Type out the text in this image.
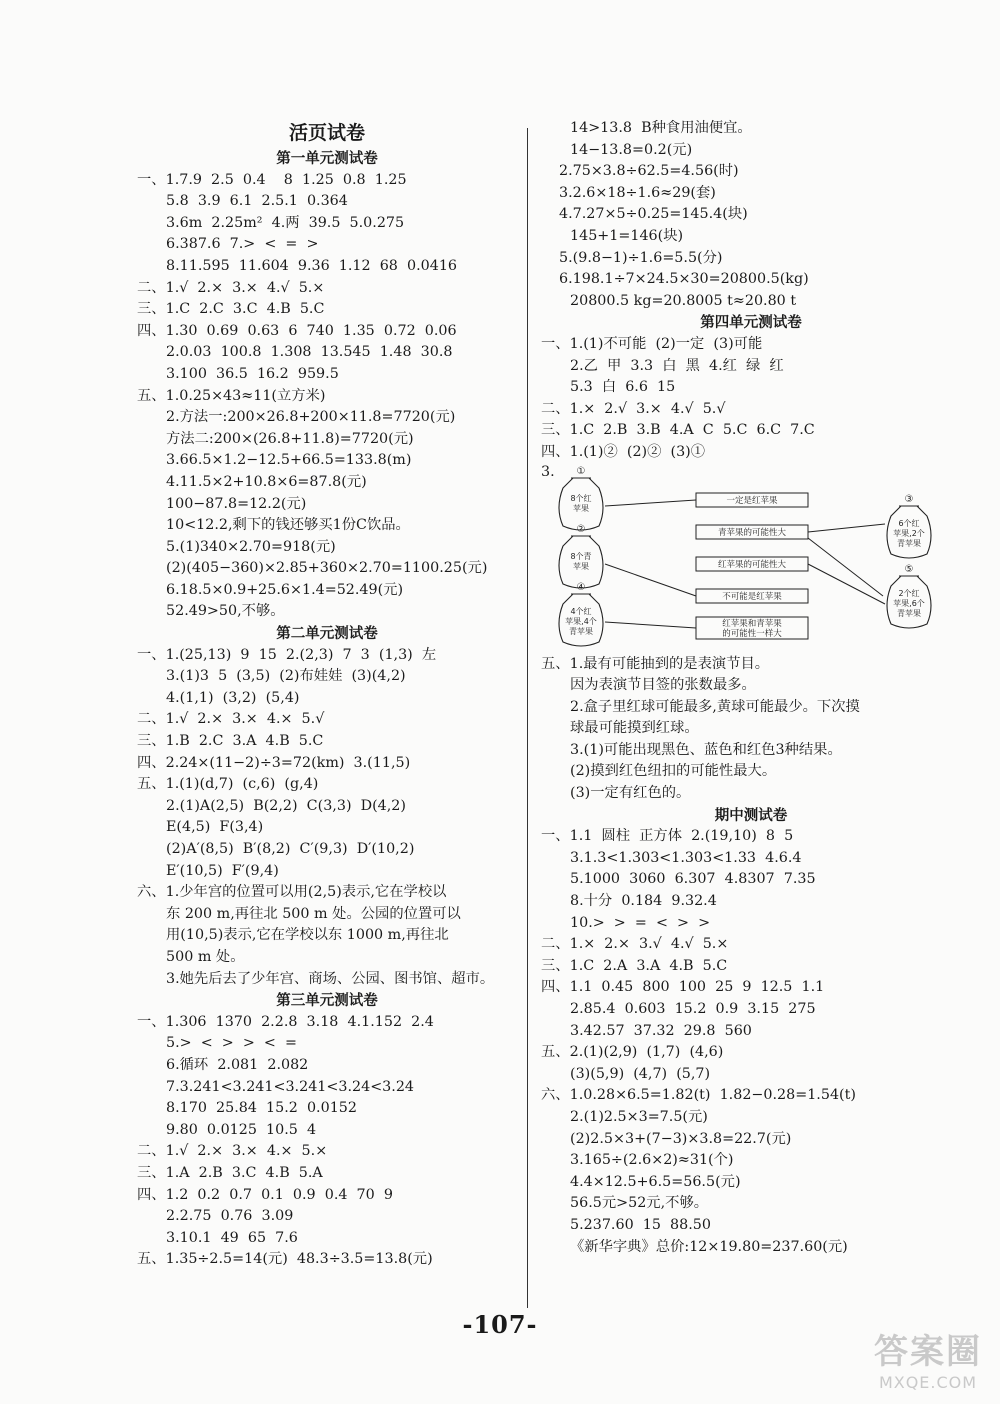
活页试卷
第一单元测试卷
一、1.7.9  2.5  0.4    8  1.25  0.8  1.25
5.8  3.9  6.1  2.5.1  0.364
3.6m  2.25m²  4.两  39.5  5.0.275
6.387.6  7.>  <  =  >
8.11.595  11.604  9.36  1.12  68  0.0416
二、1.√  2.×  3.×  4.√  5.×
三、1.C  2.C  3.C  4.B  5.C
四、1.30  0.69  0.63  6  740  1.35  0.72  0.06
2.0.03  100.8  1.308  13.545  1.48  30.8
3.100  36.5  16.2  959.5
五、1.0.25×43≈11(立方米)
2.方法一:200×26.8+200×11.8=7720(元)
方法二:200×(26.8+11.8)=7720(元)
3.66.5×1.2−12.5+66.5=133.8(m)
4.11.5×2+10.8×6=87.8(元)
100−87.8=12.2(元)
10<12.2,剩下的钱还够买1份C饮品。
5.(1)340×2.70=918(元)
(2)(405−360)×2.85+360×2.70=1100.25(元)
6.18.5×0.9+25.6×1.4=52.49(元)
52.49>50,不够。
第二单元测试卷
一、1.(25,13)  9  15  2.(2,3)  7  3  (1,3)  左
3.(1)3  5  (3,5)  (2)布娃娃  (3)(4,2)
4.(1,1)  (3,2)  (5,4)
二、1.√  2.×  3.×  4.×  5.√
三、1.B  2.C  3.A  4.B  5.C
四、2.24×(11−2)÷3=72(km)  3.(11,5)
五、1.(1)(d,7)  (c,6)  (g,4)
2.(1)A(2,5)  B(2,2)  C(3,3)  D(4,2)
E(4,5)  F(3,4)
(2)A′(8,5)  B′(8,2)  C′(9,3)  D′(10,2)
E′(10,5)  F′(9,4)
六、1.少年宫的位置可以用(2,5)表示,它在学校以
东 200 m,再往北 500 m 处。公园的位置可以
用(10,5)表示,它在学校以东 1000 m,再往北
500 m 处。
3.她先后去了少年宫、商场、公园、图书馆、超市。
第三单元测试卷
一、1.306  1370  2.2.8  3.18  4.1.152  2.4
5.>  <  >  >  <  =
6.循环  2.081  2.082
7.3.241<3.241<3.241<3.24<3.24
8.170  25.84  15.2  0.0152
9.80  0.0125  10.5  4
二、1.√  2.×  3.×  4.×  5.×
三、1.A  2.B  3.C  4.B  5.A
四、1.2  0.2  0.7  0.1  0.9  0.4  70  9
2.2.75  0.76  3.09
3.10.1  49  65  7.6
五、1.35÷2.5=14(元)  48.3÷3.5=13.8(元)
14>13.8  B种食用油便宜。
14−13.8=0.2(元)
2.75×3.8÷62.5=4.56(时)
3.2.6×18÷1.6≈29(套)
4.7.27×5÷0.25=145.4(块)
145+1=146(块)
5.(9.8−1)÷1.6=5.5(分)
6.198.1÷7×24.5×30=20800.5(kg)
20800.5 kg=20.8005 t≈20.80 t
第四单元测试卷
一、1.(1)不可能  (2)一定  (3)可能
2.乙  甲  3.3  白  黑  4.红  绿  红
5.3  白  6.6  15
二、1.×  2.√  3.×  4.√  5.√
三、1.C  2.B  3.B  4.A  C  5.C  6.C  7.C
四、1.(1)②  (2)②  (3)①
3. ①
8个红
苹果
②
8个青
苹果
④
4个红
苹果,4个
青苹果
③
6个红
苹果,2个
青苹果
⑤
2个红
苹果,6个
青苹果
一定是红苹果
青苹果的可能性大
红苹果的可能性大
不可能是红苹果
红苹果和青苹果
的可能性一样大
五、1.最有可能抽到的是表演节目。
因为表演节目签的张数最多。
2.盒子里红球可能最多,黄球可能最少。下次摸
球最可能摸到红球。
3.(1)可能出现黑色、蓝色和红色3种结果。
(2)摸到红色纽扣的可能性最大。
(3)一定有红色的。
期中测试卷
一、1.1  圆柱  正方体  2.(19,10)  8  5
3.1.3<1.303<1.303<1.33  4.6.4
5.1000  3060  6.307  4.8307  7.35
8.十分  0.184  9.32.4
10.>  >  =  <  >  >
二、1.×  2.×  3.√  4.√  5.×
三、1.C  2.A  3.A  4.B  5.C
四、1.1  0.45  800  100  25  9  12.5  1.1
2.85.4  0.603  15.2  0.9  3.15  275
3.42.57  37.32  29.8  560
五、2.(1)(2,9)  (1,7)  (4,6)
(3)(5,9)  (4,7)  (5,7)
六、1.0.28×6.5=1.82(t)  1.82−0.28=1.54(t)
2.(1)2.5×3=7.5(元)
(2)2.5×3+(7−3)×3.8=22.7(元)
3.165÷(2.6×2)≈31(个)
4.4×12.5+6.5=56.5(元)
56.5元>52元,不够。
5.237.60  15  88.50
《新华字典》总价:12×19.80=237.60(元)
-107-
答案圈
MXQE.COM
